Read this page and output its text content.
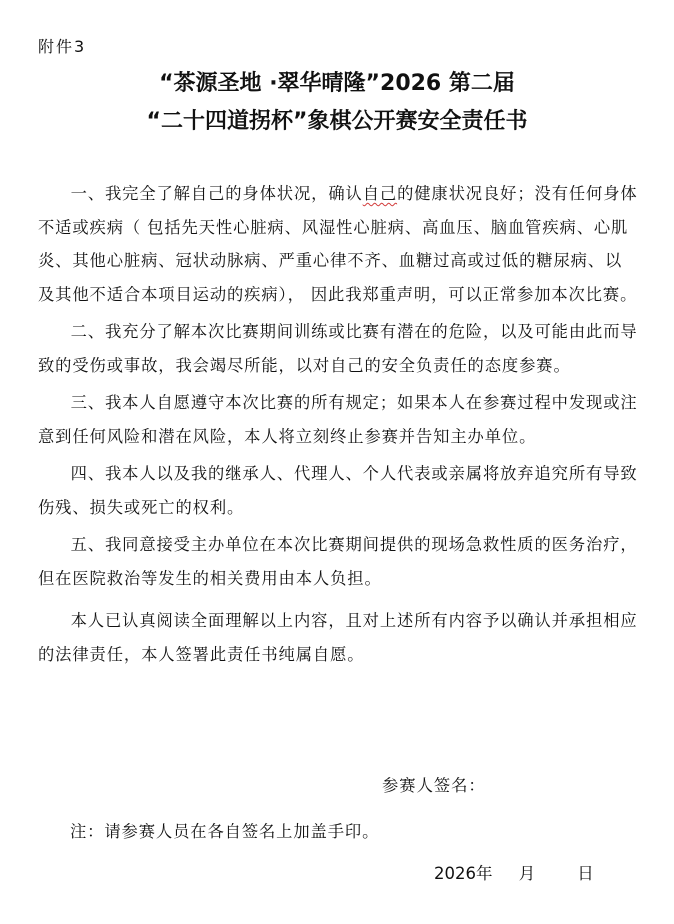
附件3
“茶源圣地 ·翠华晴隆”2026 第二届
“二十四道拐杯”象棋公开赛安全责任书

一、我完全了解自己的身体状况，确认自己的健康状况良好；没有任何身体不适或疾病（ 包括先天性心脏病、风湿性心脏病、高血压、脑血管疾病、心肌炎、其他心脏病、冠状动脉病、严重心律不齐、血糖过高或过低的糖尿病、以及其他不适合本项目运动的疾病）， 因此我郑重声明，可以正常参加本次比赛。

二、我充分了解本次比赛期间训练或比赛有潜在的危险，以及可能由此而导致的受伤或事故，我会竭尽所能，以对自己的安全负责任的态度参赛。

三、我本人自愿遵守本次比赛的所有规定；如果本人在参赛过程中发现或注意到任何风险和潜在风险，本人将立刻终止参赛并告知主办单位。

四、我本人以及我的继承人、代理人、个人代表或亲属将放弃追究所有导致伤残、损失或死亡的权利。

五、我同意接受主办单位在本次比赛期间提供的现场急救性质的医务治疗，但在医院救治等发生的相关费用由本人负担。

本人已认真阅读全面理解以上内容，且对上述所有内容予以确认并承担相应的法律责任，本人签署此责任书纯属自愿。

参赛人签名：
注：请参赛人员在各自签名上加盖手印。
2026年 月	日
